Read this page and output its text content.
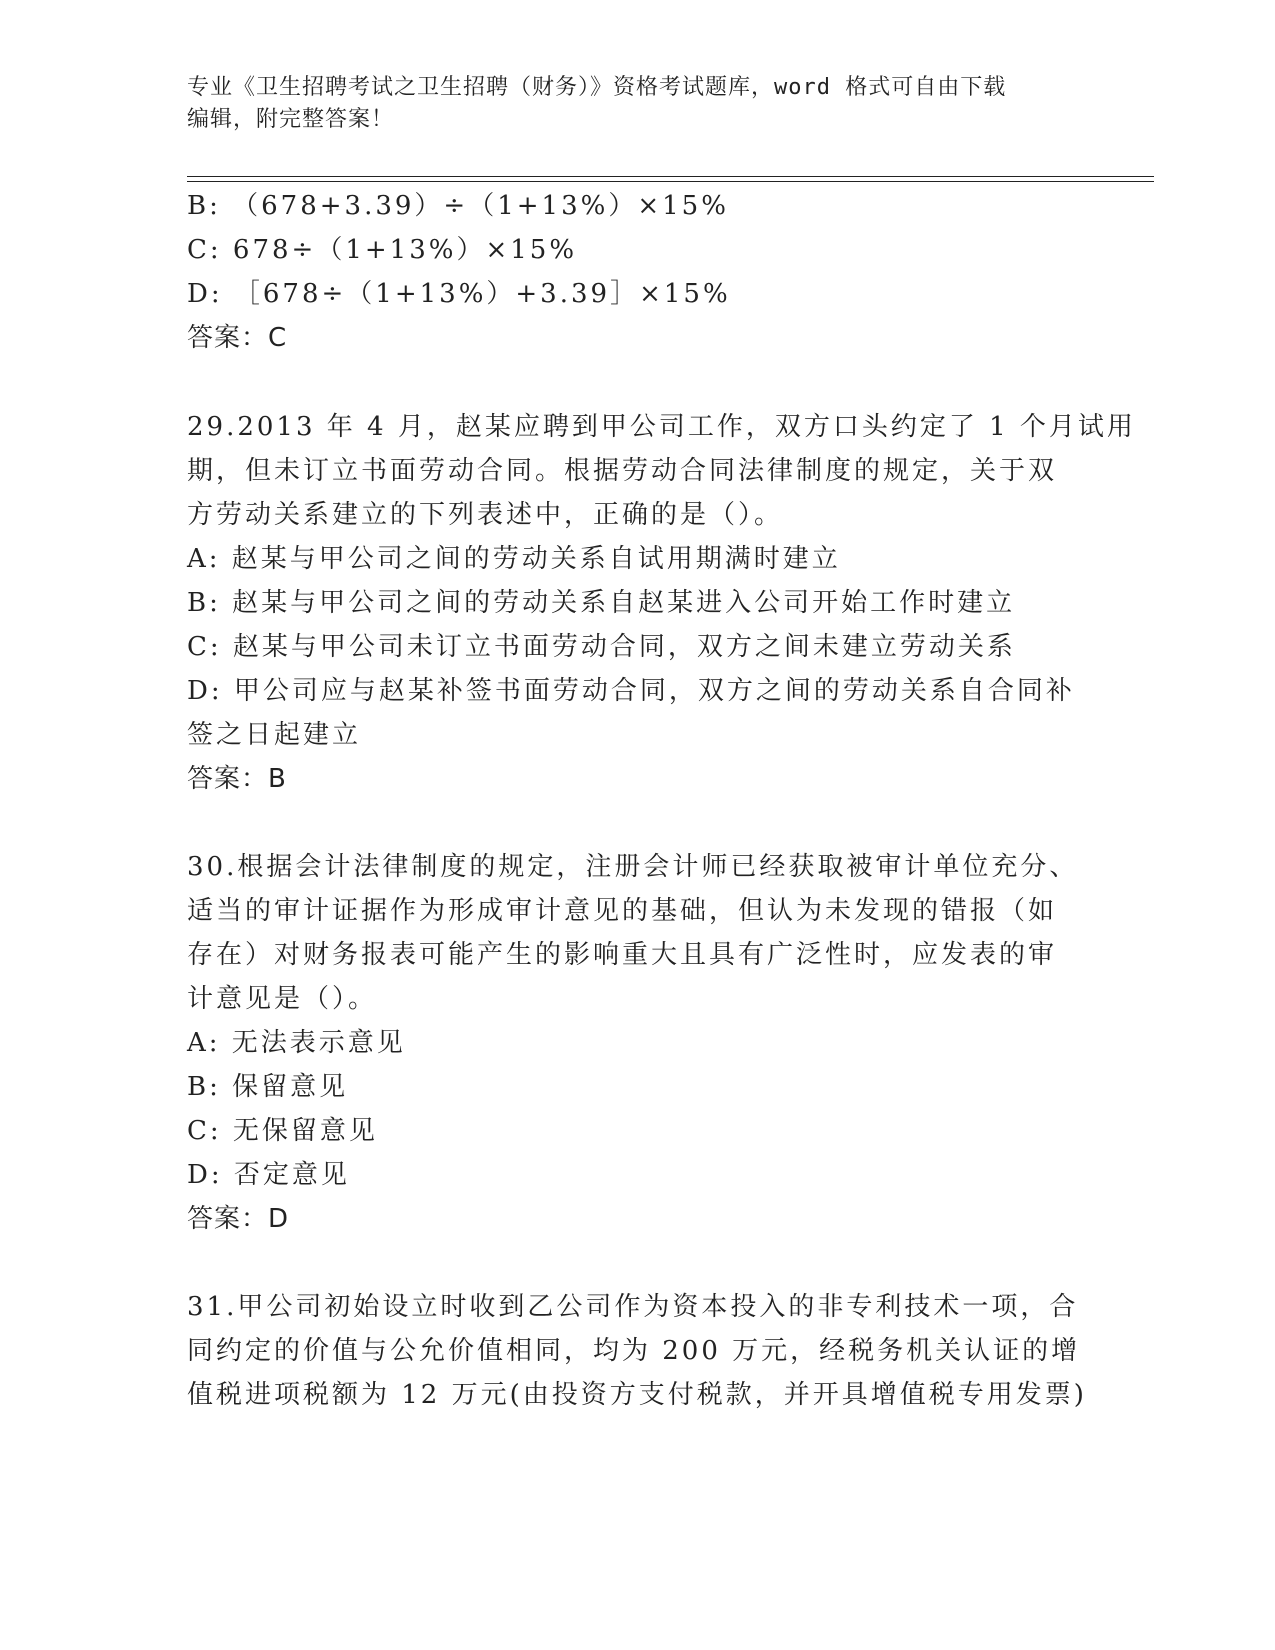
专业《卫生招聘考试之卫生招聘（财务）》资格考试题库，word 格式可自由下载
编辑，附完整答案！
B: （678+3.39）÷（1+13%）×15%
C: 678÷（1+13%）×15%
D: ［678÷（1+13%）+3.39］×15%
答案：C
29.2013 年 4 月，赵某应聘到甲公司工作，双方口头约定了 1 个月试用
期，但未订立书面劳动合同。根据劳动合同法律制度的规定，关于双
方劳动关系建立的下列表述中，正确的是（）。
A: 赵某与甲公司之间的劳动关系自试用期满时建立
B: 赵某与甲公司之间的劳动关系自赵某进入公司开始工作时建立
C: 赵某与甲公司未订立书面劳动合同，双方之间未建立劳动关系
D: 甲公司应与赵某补签书面劳动合同，双方之间的劳动关系自合同补
签之日起建立
答案：B
30.根据会计法律制度的规定，注册会计师已经获取被审计单位充分、
适当的审计证据作为形成审计意见的基础，但认为未发现的错报（如
存在）对财务报表可能产生的影响重大且具有广泛性时，应发表的审
计意见是（）。
A: 无法表示意见
B: 保留意见
C: 无保留意见
D: 否定意见
答案：D
31.甲公司初始设立时收到乙公司作为资本投入的非专利技术一项，合
同约定的价值与公允价值相同，均为 200 万元，经税务机关认证的增
值税进项税额为 12 万元(由投资方支付税款，并开具增值税专用发票)
